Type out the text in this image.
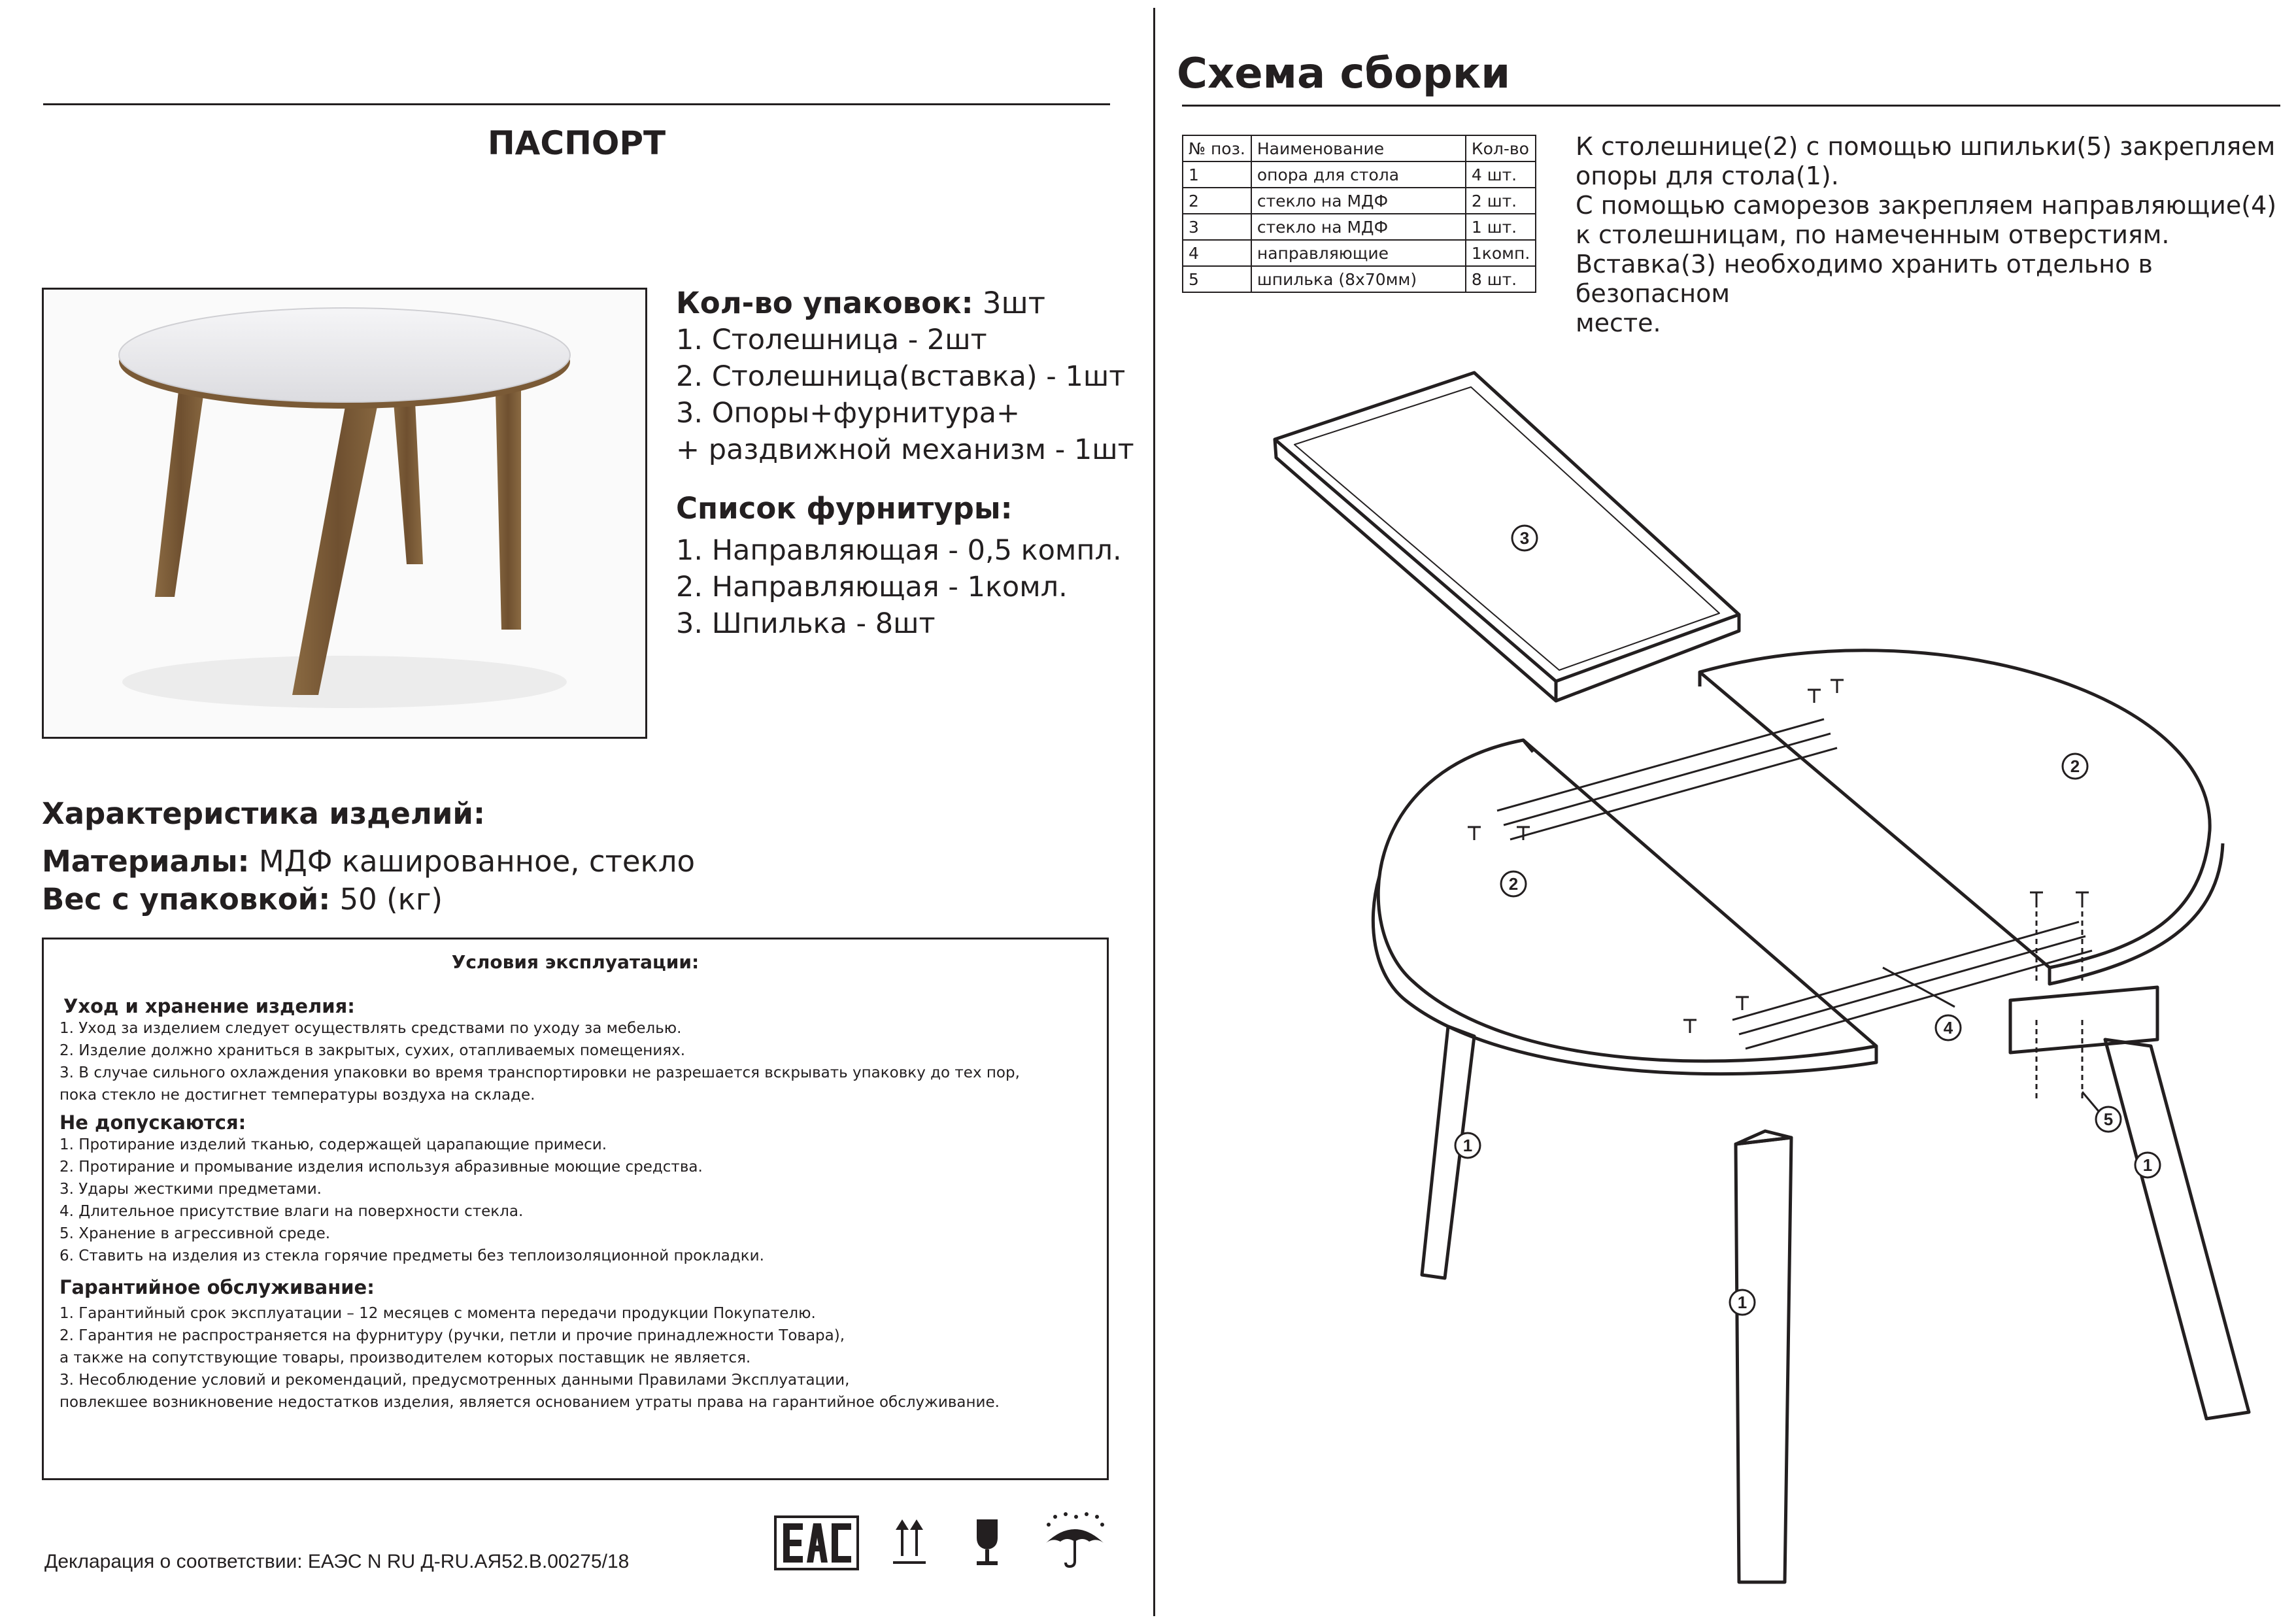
ПАСПОРТ
Кол-во упаковок: 3шт
1. Столешница - 2шт
2. Столешница(вставка) - 1шт
3. Опоры+фурнитура+
+ раздвижной механизм - 1шт
Список фурнитуры:
1. Направляющая - 0,5 компл.
2. Направляющая - 1комл.
3. Шпилька - 8шт
Характеристика изделий:
Материалы: МДФ кашированное, стекло
Вес с упаковкой: 50 (кг)
Условия эксплуатации:
Уход и хранение изделия:
1. Уход за изделием следует осуществлять средствами по уходу за мебелью.
2. Изделие должно храниться в закрытых, сухих, отапливаемых помещениях.
3. В случае сильного охлаждения упаковки во время транспортировки не разрешается вскрывать упаковку до тех пор,
пока стекло не достигнет температуры воздуха на складе.
Не допускаются:
1. Протирание изделий тканью, содержащей царапающие примеси.
2. Протирание и промывание изделия используя абразивные моющие средства.
3. Удары жесткими предметами.
4. Длительное присутствие влаги на поверхности стекла.
5. Хранение в агрессивной среде.
6. Ставить на изделия из стекла горячие предметы без теплоизоляционной прокладки.
Гарантийное обслуживание:
1. Гарантийный срок эксплуатации – 12 месяцев с момента передачи продукции Покупателю.
2. Гарантия не распространяется на фурнитуру (ручки, петли и прочие принадлежности Товара),
а также на сопутствующие товары, производителем которых поставщик не является.
3. Несоблюдение условий и рекомендаций, предусмотренных данными Правилами Эксплуатации,
повлекшее возникновение недостатков изделия, является основанием утраты права на гарантийное обслуживание.
Декларация о соответствии: ЕАЭС N RU Д-RU.АЯ52.В.00275/18
Схема сборки
№ поз.	Наименование	Кол-во
1	опора для стола	4 шт.
2	стекло на МДФ	2 шт.
3	стекло на МДФ	1 шт.
4	направляющие	1комп.
5	шпилька (8х70мм)	8 шт.
К столешнице(2) с помощью шпильки(5) закрепляем
опоры для стола(1).
С помощью саморезов закрепляем направляющие(4)
к столешницам, по намеченным отверстиям.
Вставка(3) необходимо хранить отдельно в безопасном
месте.
3
2
2
4
5
1
1
1
